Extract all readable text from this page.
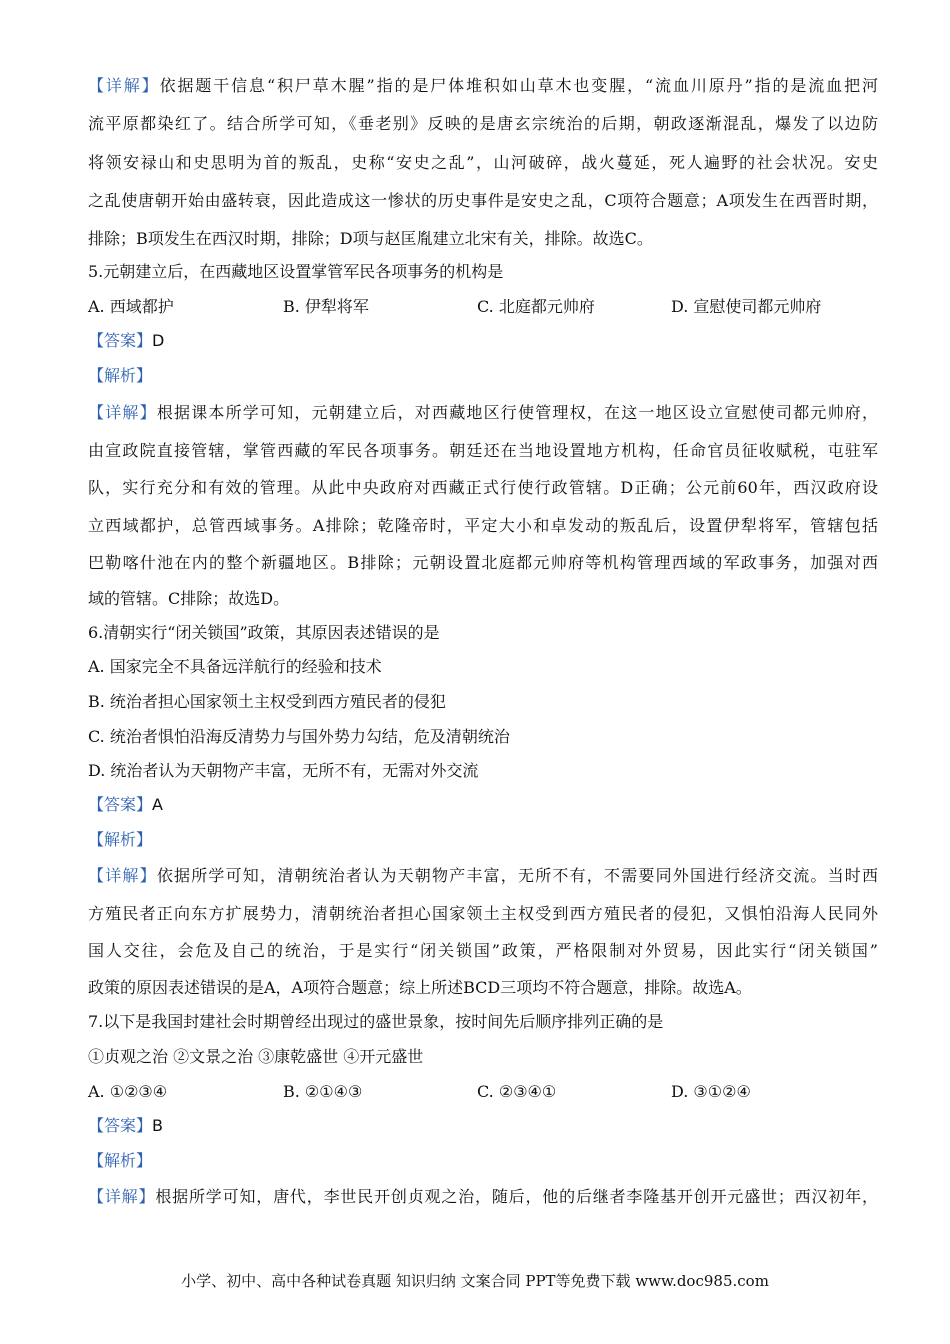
【详解】依据题干信息“积尸草木腥”指的是尸体堆积如山草木也变腥，“流血川原丹”指的是流血把河
流平原都染红了。结合所学可知，《垂老别》反映的是唐玄宗统治的后期，朝政逐渐混乱，爆发了以边防
将领安禄山和史思明为首的叛乱，史称“安史之乱”，山河破碎，战火蔓延，死人遍野的社会状况。安史
之乱使唐朝开始由盛转衰，因此造成这一惨状的历史事件是安史之乱，C项符合题意；A项发生在西晋时期，
排除；B项发生在西汉时期，排除；D项与赵匡胤建立北宋有关，排除。故选C。
5.元朝建立后，在西藏地区设置掌管军民各项事务的机构是
A. 西域都护	B. 伊犁将军	C. 北庭都元帅府	D. 宣慰使司都元帅府
【答案】D
【解析】
【详解】根据课本所学可知，元朝建立后，对西藏地区行使管理权，在这一地区设立宣慰使司都元帅府，
由宣政院直接管辖，掌管西藏的军民各项事务。朝廷还在当地设置地方机构，任命官员征收赋税，屯驻军
队，实行充分和有效的管理。从此中央政府对西藏正式行使行政管辖。D正确；公元前60年，西汉政府设
立西域都护，总管西域事务。A排除；乾隆帝时，平定大小和卓发动的叛乱后，设置伊犁将军，管辖包括
巴勒喀什池在内的整个新疆地区。B排除；元朝设置北庭都元帅府等机构管理西域的军政事务，加强对西
域的管辖。C排除；故选D。
6.清朝实行“闭关锁国”政策，其原因表述错误的是
A. 国家完全不具备远洋航行的经验和技术
B. 统治者担心国家领土主权受到西方殖民者的侵犯
C. 统治者惧怕沿海反清势力与国外势力勾结，危及清朝统治
D. 统治者认为天朝物产丰富，无所不有，无需对外交流
【答案】A
【解析】
【详解】依据所学可知，清朝统治者认为天朝物产丰富，无所不有，不需要同外国进行经济交流。当时西
方殖民者正向东方扩展势力，清朝统治者担心国家领土主权受到西方殖民者的侵犯，又惧怕沿海人民同外
国人交往，会危及自己的统治，于是实行“闭关锁国”政策，严格限制对外贸易，因此实行“闭关锁国”
政策的原因表述错误的是A，A项符合题意；综上所述BCD三项均不符合题意，排除。故选A。
7.以下是我国封建社会时期曾经出现过的盛世景象，按时间先后顺序排列正确的是
①贞观之治 ②文景之治 ③康乾盛世 ④开元盛世
A. ①②③④	B. ②①④③	C. ②③④①	D. ③①②④
【答案】B
【解析】
【详解】根据所学可知，唐代，李世民开创贞观之治，随后，他的后继者李隆基开创开元盛世；西汉初年，
小学、初中、高中各种试卷真题 知识归纳 文案合同 PPT等免费下载 www.doc985.com
